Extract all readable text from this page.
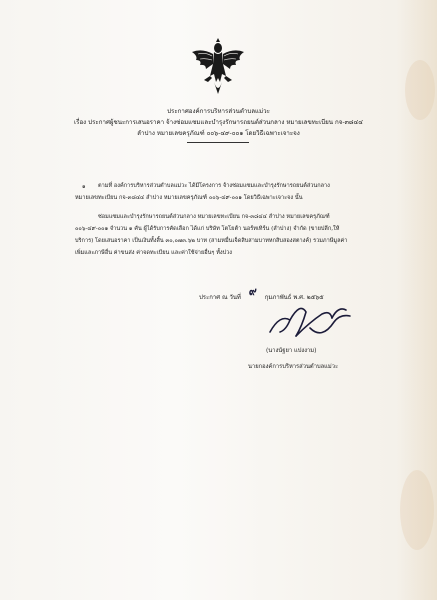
ประกาศองค์การบริหารส่วนตำบลแม่วะ
เรื่อง ประกาศผู้ชนะการเสนอราคา จ้างซ่อมแซมและบำรุงรักษารถยนต์ส่วนกลาง หมายเลขทะเบียน กจ-๓๘๔๔
ลำปาง หมายเลขครุภัณฑ์ ๐๐๖-๔๙-๐๐๑ โดยวิธีเฉพาะเจาะจง
๑ ตามที่ องค์การบริหารส่วนตำบลแม่วะ ได้มีโครงการ จ้างซ่อมแซมและบำรุงรักษารถยนต์ส่วนกลาง
หมายเลขทะเบียน กจ-๓๘๔๔ ลำปาง หมายเลขครุภัณฑ์ ๐๐๖-๔๙-๐๐๑ โดยวิธีเฉพาะเจาะจง นั้น
ซ่อมแซมและบำรุงรักษารถยนต์ส่วนกลาง หมายเลขทะเบียน กจ-๓๘๔๔ ลำปาง หมายเลขครุภัณฑ์
๐๐๖-๔๙-๐๐๑ จำนวน ๑ คัน ผู้ได้รับการคัดเลือก ได้แก่ บริษัท โตโยต้า นอร์ทเทิร์น (ลำปาง) จำกัด (ขายปลีก,ให้
บริการ) โดยเสนอราคา เป็นเงินทั้งสิ้น ๓๐,๐๗๓.๖๒ บาท (สามหมื่นเจ็ดสิบสามบาทหกสิบสองสตางค์) รวมภาษีมูลค่า
เพิ่มและภาษีอื่น ค่าขนส่ง ค่าจดทะเบียน และค่าใช้จ่ายอื่นๆ ทั้งปวง
ประกาศ ณ วันที่ ๙ กุมภาพันธ์ พ.ศ. ๒๕๖๕
(นางนัฐยา แปงงาม)
นายกองค์การบริหารส่วนตำบลแม่วะ
